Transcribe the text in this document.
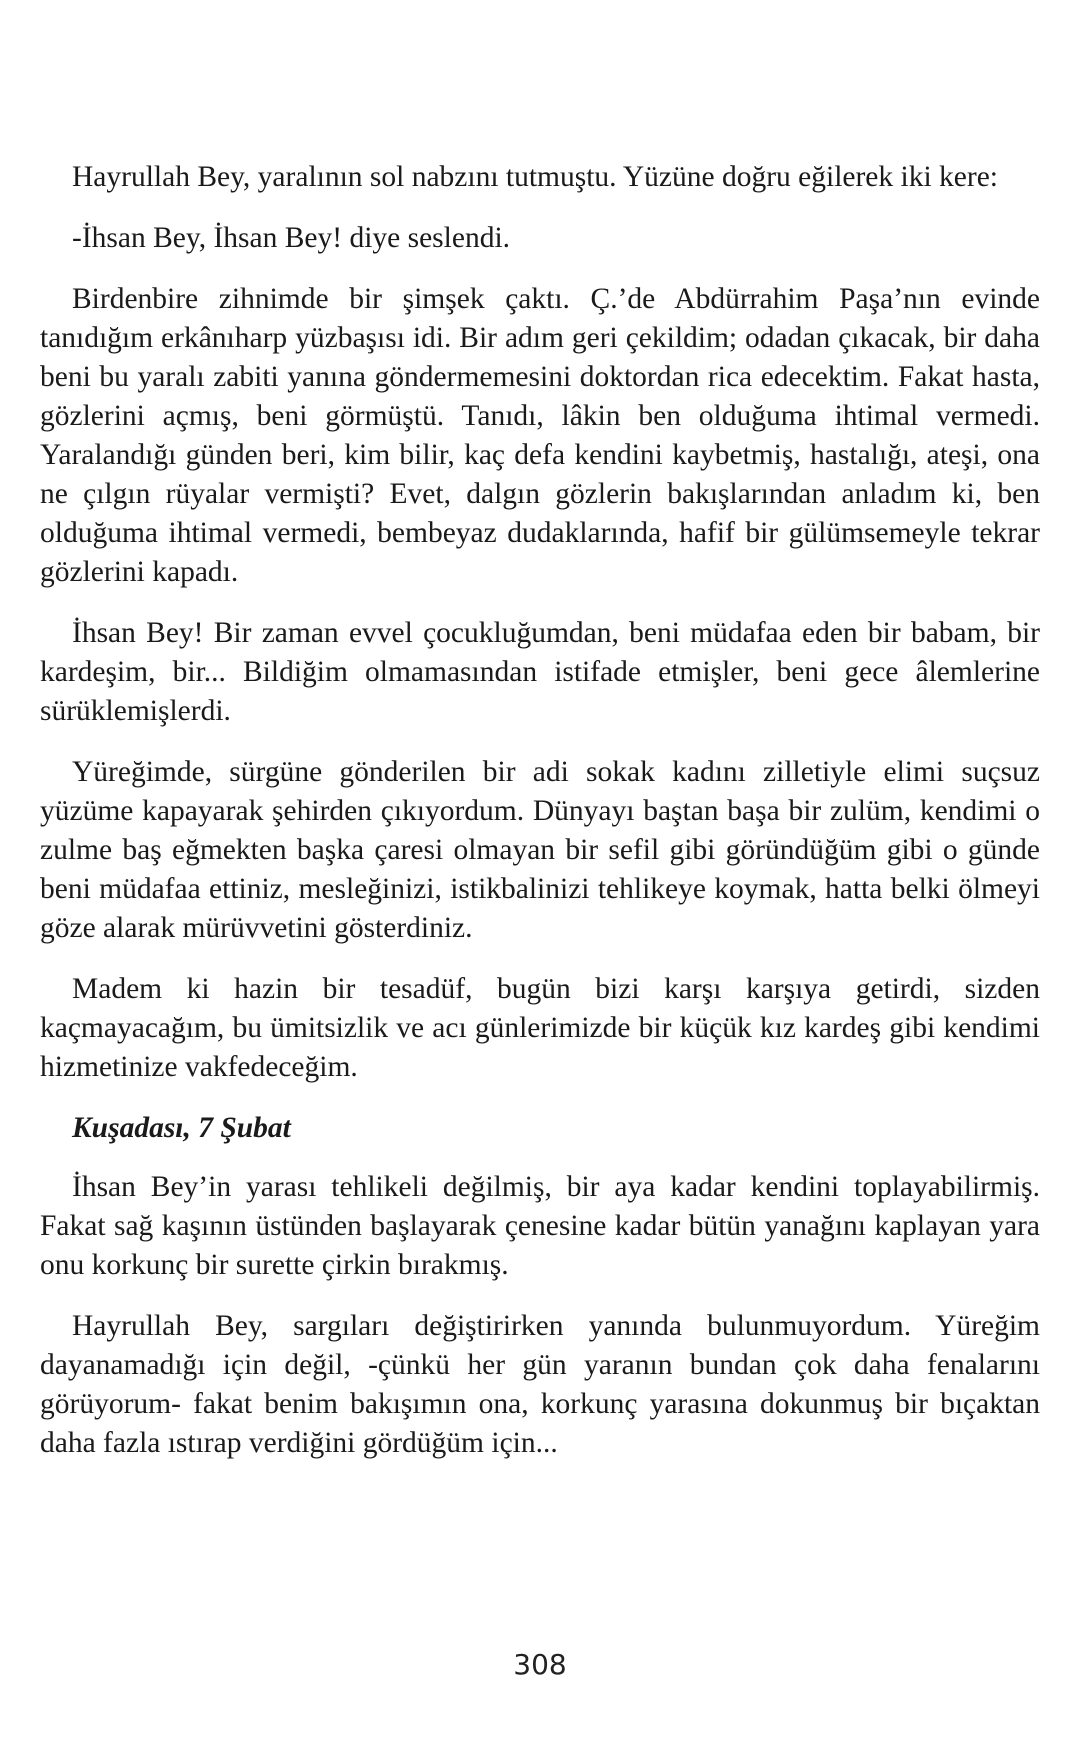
Hayrullah Bey, yaralının sol nabzını tutmuştu. Yüzüne doğru eğilerek iki kere:

-İhsan Bey, İhsan Bey! diye seslendi.

Birdenbire zihnimde bir şimşek çaktı. Ç.’de Abdürrahim Paşa’nın evinde tanıdığım erkânıharp yüzbaşısı idi. Bir adım geri çekildim; odadan çıkacak, bir daha beni bu yaralı zabiti yanına göndermemesini doktordan rica edecektim. Fakat hasta, gözlerini açmış, beni görmüştü. Tanıdı, lâkin ben olduğuma ihtimal vermedi. Yaralandığı günden beri, kim bilir, kaç defa kendini kaybetmiş, hastalığı, ateşi, ona ne çılgın rüyalar vermişti? Evet, dalgın gözlerin bakışlarından anladım ki, ben olduğuma ihtimal vermedi, bembeyaz dudaklarında, hafif bir gülümsemeyle tekrar gözlerini kapadı.

İhsan Bey! Bir zaman evvel çocukluğumdan, beni müdafaa eden bir babam, bir kardeşim, bir... Bildiğim olmamasından istifade etmişler, beni gece âlemlerine sürüklemişlerdi.

Yüreğimde, sürgüne gönderilen bir adi sokak kadını zilletiyle elimi suçsuz yüzüme kapayarak şehirden çıkıyordum. Dünyayı baştan başa bir zulüm, kendimi o zulme baş eğmekten başka çaresi olmayan bir sefil gibi göründüğüm gibi o günde beni müdafaa ettiniz, mesleğinizi, istikbalinizi tehlikeye koymak, hatta belki ölmeyi göze alarak mürüvvetini gösterdiniz.

Madem ki hazin bir tesadüf, bugün bizi karşı karşıya getirdi, sizden kaçmayacağım, bu ümitsizlik ve acı günlerimizde bir küçük kız kardeş gibi kendimi hizmetinize vakfedeceğim.

Kuşadası, 7 Şubat

İhsan Bey’in yarası tehlikeli değilmiş, bir aya kadar kendini toplayabilirmiş. Fakat sağ kaşının üstünden başlayarak çenesine kadar bütün yanağını kaplayan yara onu korkunç bir surette çirkin bırakmış.

Hayrullah Bey, sargıları değiştirirken yanında bulunmuyordum. Yüreğim dayanamadığı için değil, -çünkü her gün yaranın bundan çok daha fenalarını görüyorum- fakat benim bakışımın ona, korkunç yarasına dokunmuş bir bıçaktan daha fazla ıstırap verdiğini gördüğüm için...

308
